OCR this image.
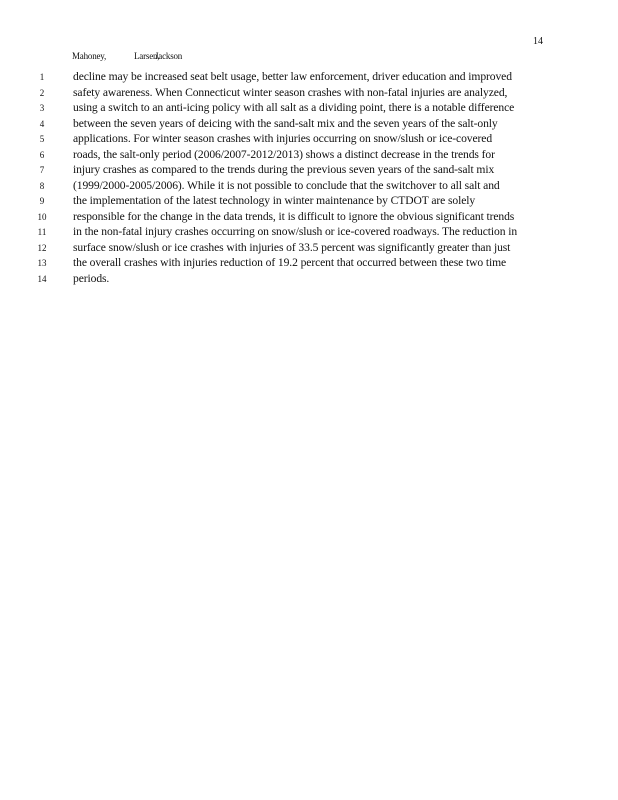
14
Mahoney,	Larsen,Jackson
1	decline may be increased seat belt usage, better law enforcement, driver education and improved
2	safety awareness. When Connecticut winter season crashes with non-fatal injuries are analyzed,
3	using a switch to an anti-icing policy with all salt as a dividing point, there is a notable difference
4	between the seven years of deicing with the sand-salt mix and the seven years of the salt-only
5	applications. For winter season crashes with injuries occurring on snow/slush or ice-covered
6	roads, the salt-only period (2006/2007-2012/2013) shows a distinct decrease in the trends for
7	injury crashes as compared to the trends during the previous seven years of the sand-salt mix
8	(1999/2000-2005/2006). While it is not possible to conclude that the switchover to all salt and
9	the implementation of the latest technology in winter maintenance by CTDOT are solely
10	responsible for the change in the data trends, it is difficult to ignore the obvious significant trends
11	in the non-fatal injury crashes occurring on snow/slush or ice-covered roadways. The reduction in
12	surface snow/slush or ice crashes with injuries of 33.5 percent was significantly greater than just
13	the overall crashes with injuries reduction of 19.2 percent that occurred between these two time
14	periods.
